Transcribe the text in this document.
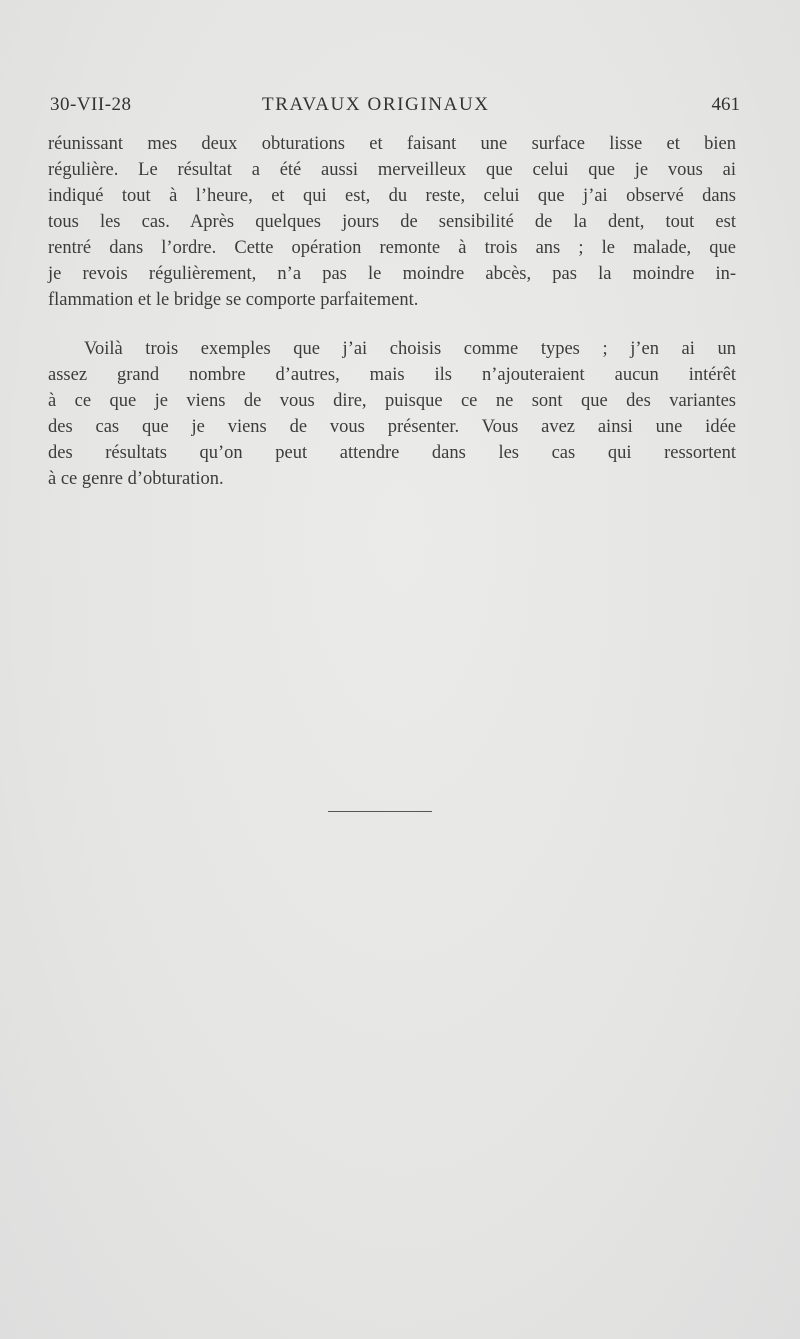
30-VII-28	TRAVAUX ORIGINAUX	461
réunissant mes deux obturations et faisant une surface lisse et bien
régulière. Le résultat a été aussi merveilleux que celui que je vous ai
indiqué tout à l’heure, et qui est, du reste, celui que j’ai observé dans
tous les cas. Après quelques jours de sensibilité de la dent, tout est
rentré dans l’ordre. Cette opération remonte à trois ans ; le malade, que
je revois régulièrement, n’a pas le moindre abcès, pas la moindre in-
flammation et le bridge se comporte parfaitement.
Voilà trois exemples que j’ai choisis comme types ; j’en ai un
assez grand nombre d’autres, mais ils n’ajouteraient aucun intérêt
à ce que je viens de vous dire, puisque ce ne sont que des variantes
des cas que je viens de vous présenter. Vous avez ainsi une idée
des résultats qu’on peut attendre dans les cas qui ressortent
à ce genre d’obturation.
